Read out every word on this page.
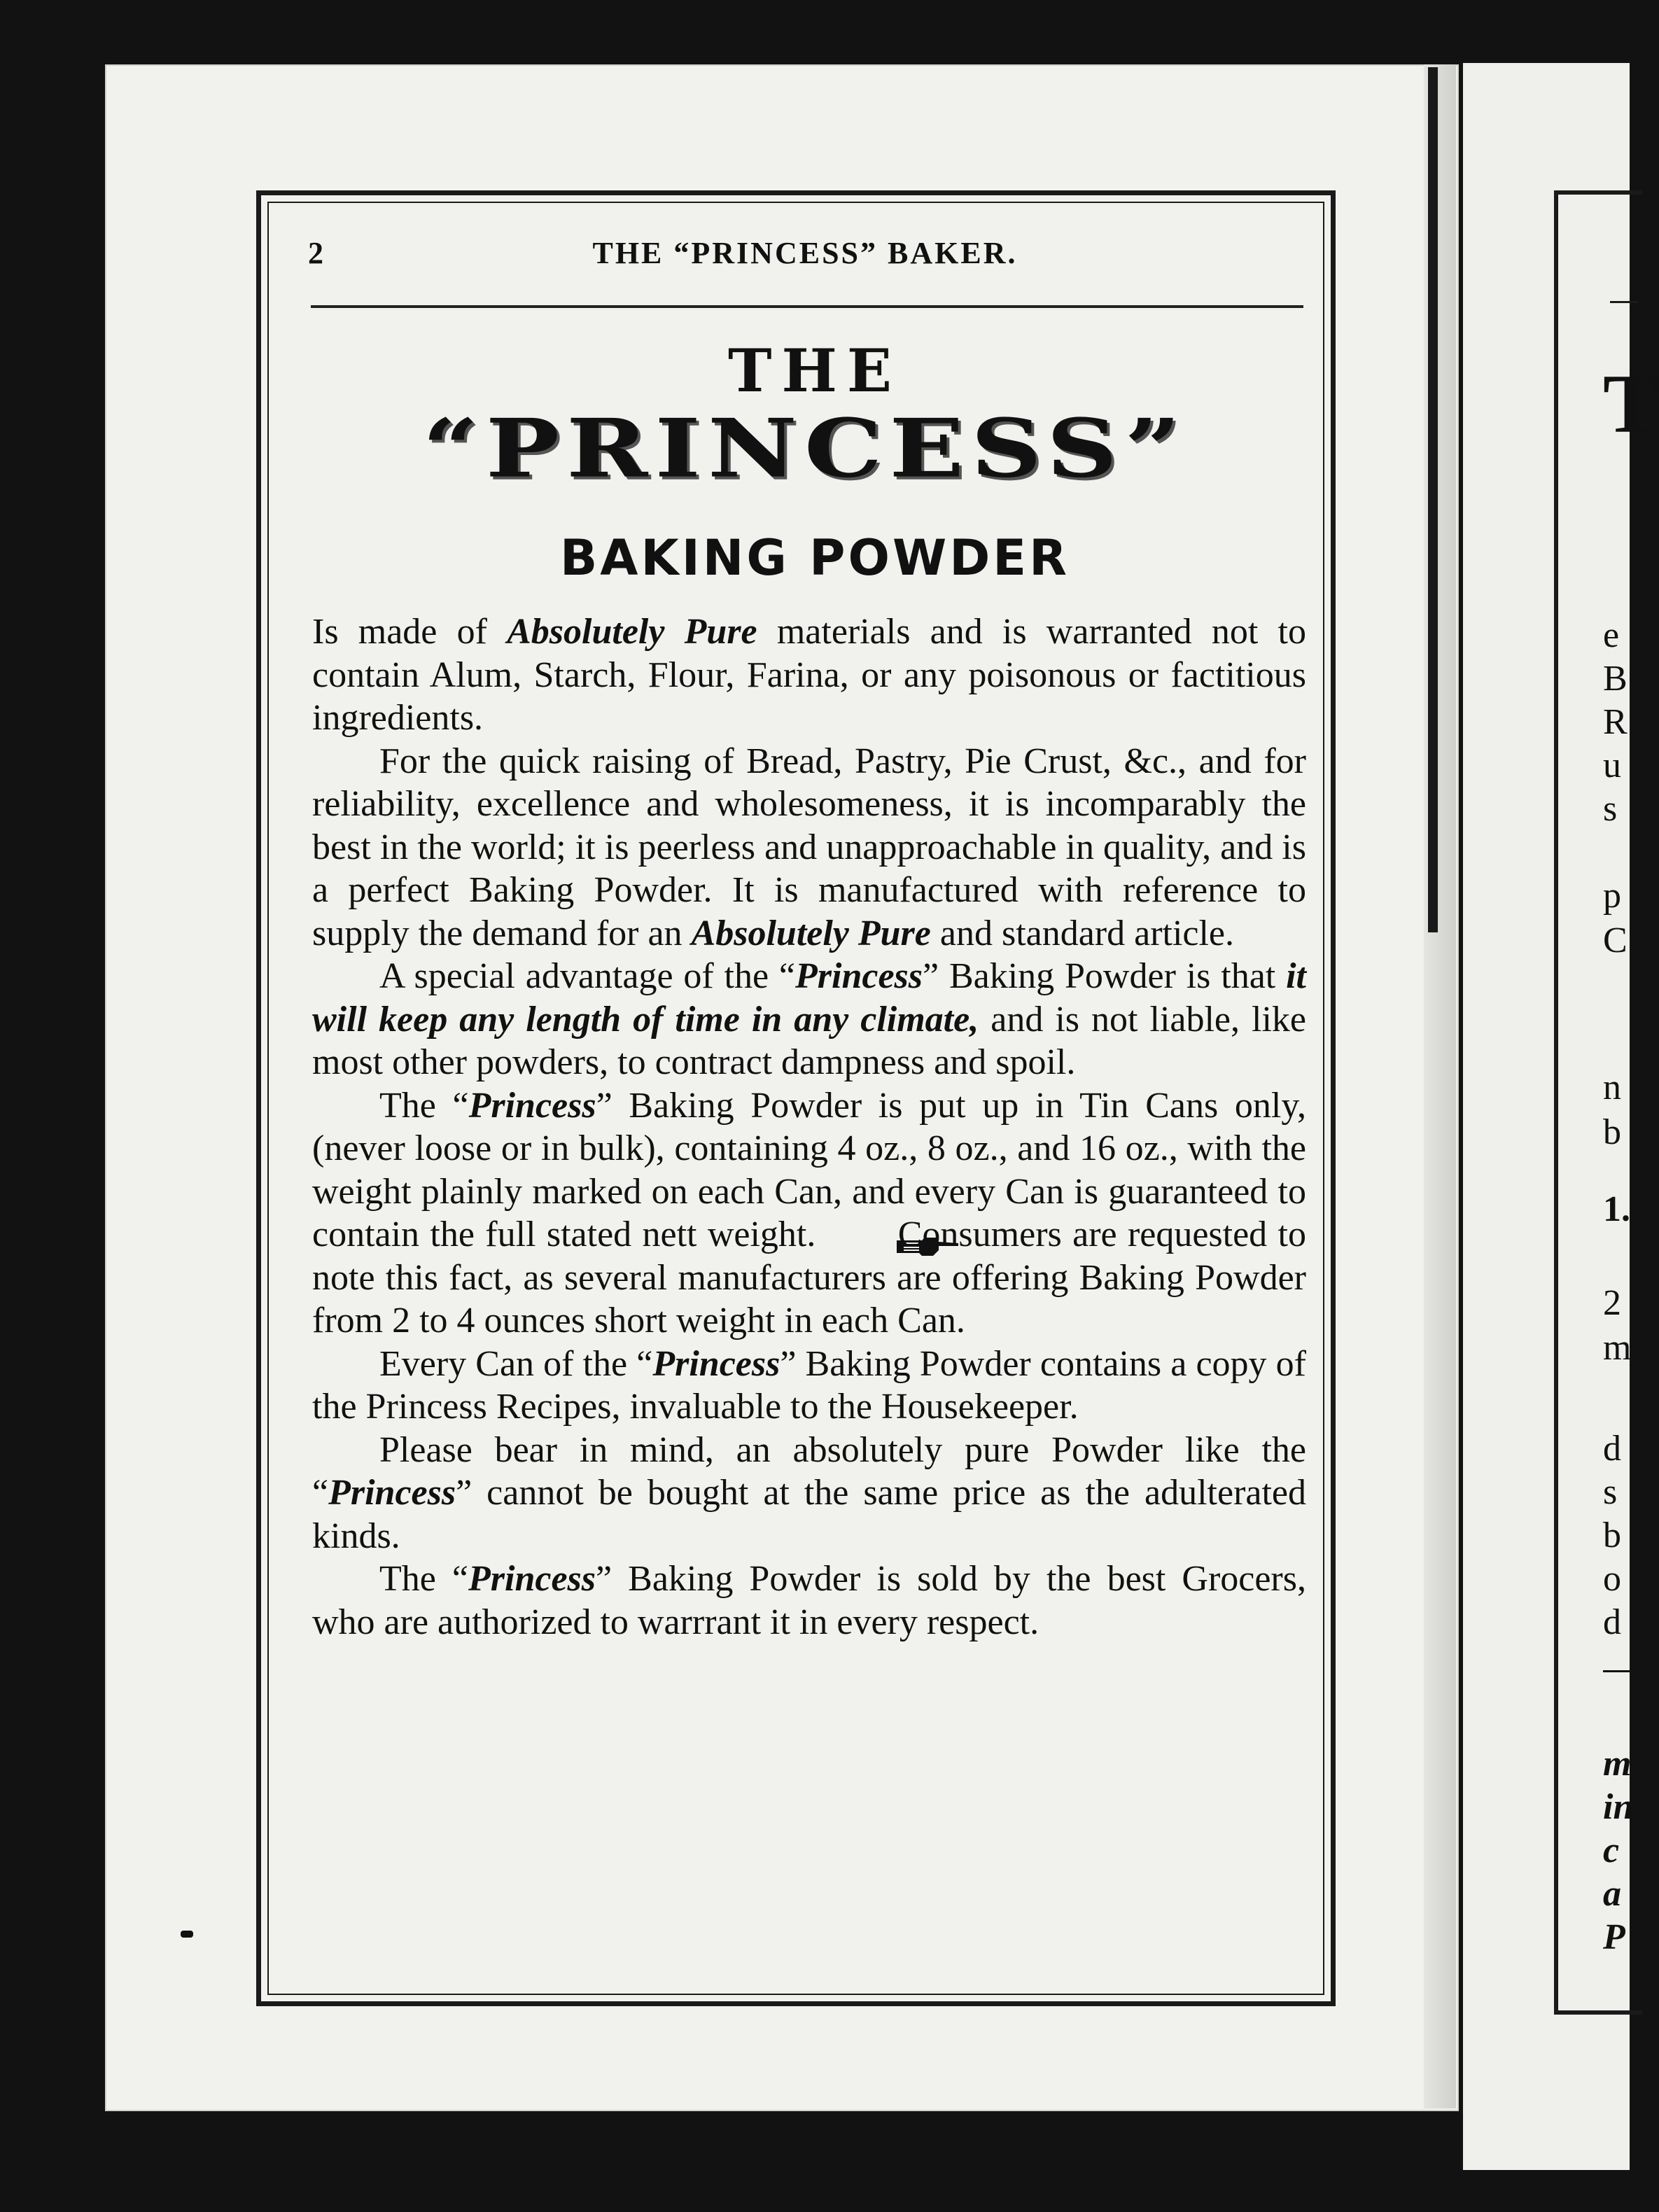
T
e
B
R
u
s
p
C
n
b
1.
2
m
d
s
b
o
d
m
in
c
a
P
2	THE “PRINCESS” BAKER.
THE
“PRINCESS”
BAKING POWDER

Is made of Absolutely Pure materials and is warranted not to contain Alum, Starch, Flour, Farina, or any poisonous or factitious ingredients.

For the quick raising of Bread, Pastry, Pie Crust, &c., and for reliability, excellence and wholesomeness, it is incomparably the best in the world; it is peerless and unapproachable in quality, and is a perfect Baking Powder. It is manufactured with reference to supply the demand for an Absolutely Pure and standard article.

A special advantage of the “Princess” Baking Powder is that it will keep any length of time in any climate, and is not liable, like most other powders, to contract dampness and spoil.

The “Princess” Baking Powder is put up in Tin Cans only, (never loose or in bulk), containing 4 oz., 8 oz., and 16 oz., with the weight plainly marked on each Can, and every Can is guaranteed to contain the full stated nett weight. Consumers are requested to note this fact, as several manufacturers are offering Baking Powder from 2 to 4 ounces short weight in each Can.

Every Can of the “Princess” Baking Powder contains a copy of the Princess Recipes, invaluable to the Housekeeper.

Please bear in mind, an absolutely pure Powder like the “Princess” cannot be bought at the same price as the adulterated kinds.

The “Princess” Baking Powder is sold by the best Grocers, who are authorized to warrrant it in every respect.
